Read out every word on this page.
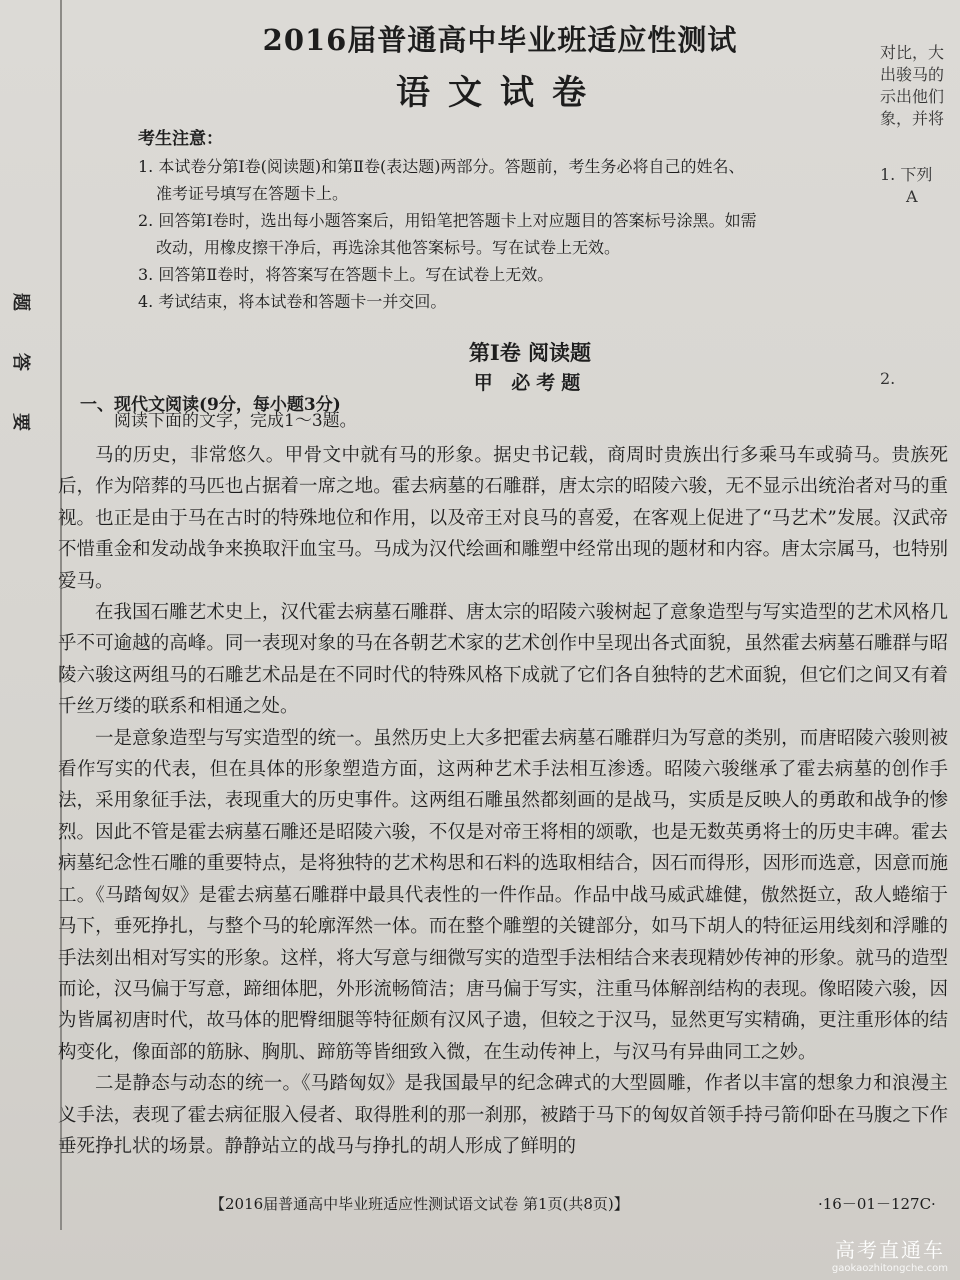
题
答
要
对比，大
出骏马的
示出他们
象，并将
1. 下列
A
2.
2016届普通高中毕业班适应性测试
语文试卷

考生注意：

1. 本试卷分第Ⅰ卷(阅读题)和第Ⅱ卷(表达题)两部分。答题前，考生务必将自己的姓名、

准考证号填写在答题卡上。

2. 回答第Ⅰ卷时，选出每小题答案后，用铅笔把答题卡上对应题目的答案标号涂黑。如需

改动，用橡皮擦干净后，再选涂其他答案标号。写在试卷上无效。

3. 回答第Ⅱ卷时，将答案写在答题卡上。写在试卷上无效。

4. 考试结束，将本试卷和答题卡一并交回。

第Ⅰ卷 阅读题
甲 必考题
一、现代文阅读(9分，每小题3分)

阅读下面的文字，完成1～3题。

马的历史，非常悠久。甲骨文中就有马的形象。据史书记载，商周时贵族出行多乘马车或骑马。贵族死后，作为陪葬的马匹也占据着一席之地。霍去病墓的石雕群，唐太宗的昭陵六骏，无不显示出统治者对马的重视。也正是由于马在古时的特殊地位和作用，以及帝王对良马的喜爱，在客观上促进了“马艺术”发展。汉武帝不惜重金和发动战争来换取汗血宝马。马成为汉代绘画和雕塑中经常出现的题材和内容。唐太宗属马，也特别爱马。

在我国石雕艺术史上，汉代霍去病墓石雕群、唐太宗的昭陵六骏树起了意象造型与写实造型的艺术风格几乎不可逾越的高峰。同一表现对象的马在各朝艺术家的艺术创作中呈现出各式面貌，虽然霍去病墓石雕群与昭陵六骏这两组马的石雕艺术品是在不同时代的特殊风格下成就了它们各自独特的艺术面貌，但它们之间又有着千丝万缕的联系和相通之处。

一是意象造型与写实造型的统一。虽然历史上大多把霍去病墓石雕群归为写意的类别，而唐昭陵六骏则被看作写实的代表，但在具体的形象塑造方面，这两种艺术手法相互渗透。昭陵六骏继承了霍去病墓的创作手法，采用象征手法，表现重大的历史事件。这两组石雕虽然都刻画的是战马，实质是反映人的勇敢和战争的惨烈。因此不管是霍去病墓石雕还是昭陵六骏，不仅是对帝王将相的颂歌，也是无数英勇将士的历史丰碑。霍去病墓纪念性石雕的重要特点，是将独特的艺术构思和石料的选取相结合，因石而得形，因形而选意，因意而施工。《马踏匈奴》是霍去病墓石雕群中最具代表性的一件作品。作品中战马威武雄健，傲然挺立，敌人蜷缩于马下，垂死挣扎，与整个马的轮廓浑然一体。而在整个雕塑的关键部分，如马下胡人的特征运用线刻和浮雕的手法刻出相对写实的形象。这样，将大写意与细微写实的造型手法相结合来表现精妙传神的形象。就马的造型而论，汉马偏于写意，蹄细体肥，外形流畅简洁；唐马偏于写实，注重马体解剖结构的表现。像昭陵六骏，因为皆属初唐时代，故马体的肥臀细腿等特征颇有汉风子遗，但较之于汉马，显然更写实精确，更注重形体的结构变化，像面部的筋脉、胸肌、蹄筋等皆细致入微，在生动传神上，与汉马有异曲同工之妙。

二是静态与动态的统一。《马踏匈奴》是我国最早的纪念碑式的大型圆雕，作者以丰富的想象力和浪漫主义手法，表现了霍去病征服入侵者、取得胜利的那一刹那，被踏于马下的匈奴首领手持弓箭仰卧在马腹之下作垂死挣扎状的场景。静静站立的战马与挣扎的胡人形成了鲜明的

【2016届普通高中毕业班适应性测试语文试卷 第1页(共8页)】	·16－01－127C·
高考直通车
gaokaozhitongche.com
